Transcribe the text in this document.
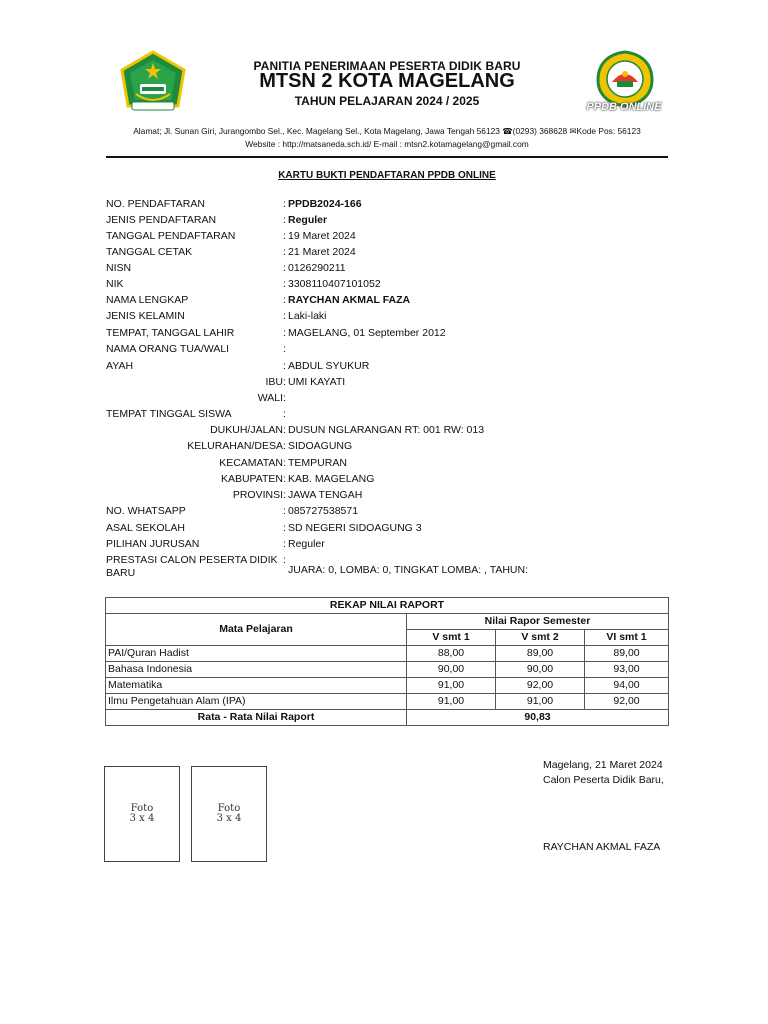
PPDB ONLINE
PANITIA PENERIMAAN PESERTA DIDIK BARU
MTSN 2 KOTA MAGELANG
TAHUN PELAJARAN 2024 / 2025
Alamat; Jl. Sunan Giri, Jurangombo Sel., Kec. Magelang Sel., Kota Magelang, Jawa Tengah 56123 ☎(0293) 368628 ✉Kode Pos: 56123
Website : http://matsaneda.sch.id/ E-mail : mtsn2.kotamagelang@gmail.com
KARTU BUKTI PENDAFTARAN PPDB ONLINE
NO. PENDAFTARAN	: PPDB2024-166
JENIS PENDAFTARAN	: Reguler
TANGGAL PENDAFTARAN	: 19 Maret 2024
TANGGAL CETAK	: 21 Maret 2024
NISN	: 0126290211
NIK	: 3308110407101052
NAMA LENGKAP	: RAYCHAN AKMAL FAZA
JENIS KELAMIN	: Laki-laki
TEMPAT, TANGGAL LAHIR	: MAGELANG, 01 September 2012
NAMA ORANG TUA/WALI	:
AYAH	: ABDUL SYUKUR
IBU : UMI KAYATI
WALI :
TEMPAT TINGGAL SISWA	:
DUKUH/JALAN : DUSUN NGLARANGAN RT: 001 RW: 013
KELURAHAN/DESA : SIDOAGUNG
KECAMATAN : TEMPURAN
KABUPATEN : KAB. MAGELANG
PROVINSI : JAWA TENGAH
NO. WHATSAPP	: 085727538571
ASAL SEKOLAH	: SD NEGERI SIDOAGUNG 3
PILIHAN JURUSAN	: Reguler
PRESTASI CALON PESERTA DIDIK BARU
:
JUARA: 0, LOMBA: 0, TINGKAT LOMBA: , TAHUN:
REKAP NILAI RAPORT			
Mata Pelajaran	Nilai Rapor Semester		
	V smt 1	V smt 2	VI smt 1
PAI/Quran Hadist	88,00	89,00	89,00
Bahasa Indonesia	90,00	90,00	93,00
Matematika	91,00	92,00	94,00
Ilmu Pengetahuan Alam (IPA)	91,00	91,00	92,00
Rata - Rata Nilai Raport	90,83		
Foto
3 x 4
Foto
3 x 4
Magelang, 21 Maret 2024
Calon Peserta Didik Baru,
RAYCHAN AKMAL FAZA
